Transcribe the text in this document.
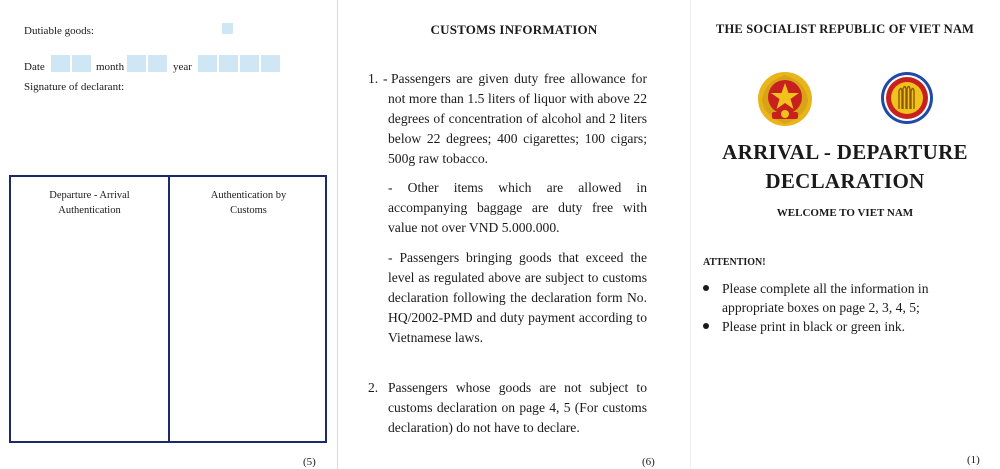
Dutiable goods:
Date	month	year
Signature of declarant:
Departure - Arrival
Authentication
Authentication by
Customs
(5)
CUSTOMS INFORMATION
1. - Passengers are given duty free allowance for not more than 1.5 liters of liquor with above 22 degrees of concentration of alcohol and 2 liters below 22 degrees; 400 cigarettes; 100 cigars; 500g raw tobacco.
- Other items which are allowed in accompanying baggage are duty free with value not over VND 5.000.000.
- Passengers bringing goods that exceed the level as regulated above are subject to customs declaration following the declaration form No. HQ/2002-PMD and duty payment according to Vietnamese laws.
2. Passengers whose goods are not subject to customs declaration on page 4, 5 (For customs declaration) do not have to declare.
(6)
THE SOCIALIST REPUBLIC OF VIET NAM
ARRIVAL - DEPARTURE
DECLARATION
WELCOME TO VIET NAM
ATTENTION!
Please complete all the information in appropriate boxes on page 2, 3, 4, 5;
Please print in black or green ink.
(1)
